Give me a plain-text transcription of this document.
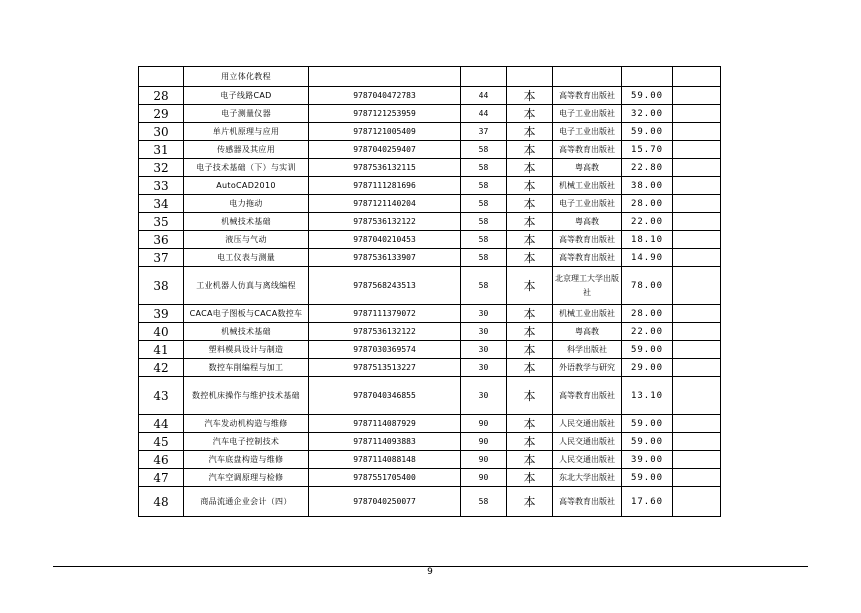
	用立体化教程						
28	电子线路CAD	9787040472783	44	本	高等教育出版社	59.00	
29	电子测量仪器	9787121253959	44	本	电子工业出版社	32.00	
30	单片机原理与应用	9787121005409	37	本	电子工业出版社	59.00	
31	传感器及其应用	9787040259407	58	本	高等教育出版社	15.70	
32	电子技术基础（下）与实训	9787536132115	58	本	粤高教	22.80	
33	AutoCAD2010	9787111281696	58	本	机械工业出版社	38.00	
34	电力拖动	9787121140204	58	本	电子工业出版社	28.00	
35	机械技术基础	9787536132122	58	本	粤高教	22.00	
36	液压与气动	9787040210453	58	本	高等教育出版社	18.10	
37	电工仪表与测量	9787536133907	58	本	高等教育出版社	14.90	
38	工业机器人仿真与离线编程	9787568243513	58	本	北京理工大学出版社	78.00	
39	CACA电子图板与CACA数控车	9787111379072	30	本	机械工业出版社	28.00	
40	机械技术基础	9787536132122	30	本	粤高教	22.00	
41	塑料模具设计与制造	9787030369574	30	本	科学出版社	59.00	
42	数控车削编程与加工	9787513513227	30	本	外语教学与研究	29.00	
43	数控机床操作与维护技术基础	9787040346855	30	本	高等教育出版社	13.10	
44	汽车发动机构造与维修	9787114087929	90	本	人民交通出版社	59.00	
45	汽车电子控制技术	9787114093883	90	本	人民交通出版社	59.00	
46	汽车底盘构造与维修	9787114088148	90	本	人民交通出版社	39.00	
47	汽车空调原理与检修	9787551705400	90	本	东北大学出版社	59.00	
48	商品流通企业会计（四）	9787040250077	58	本	高等教育出版社	17.60	
9
